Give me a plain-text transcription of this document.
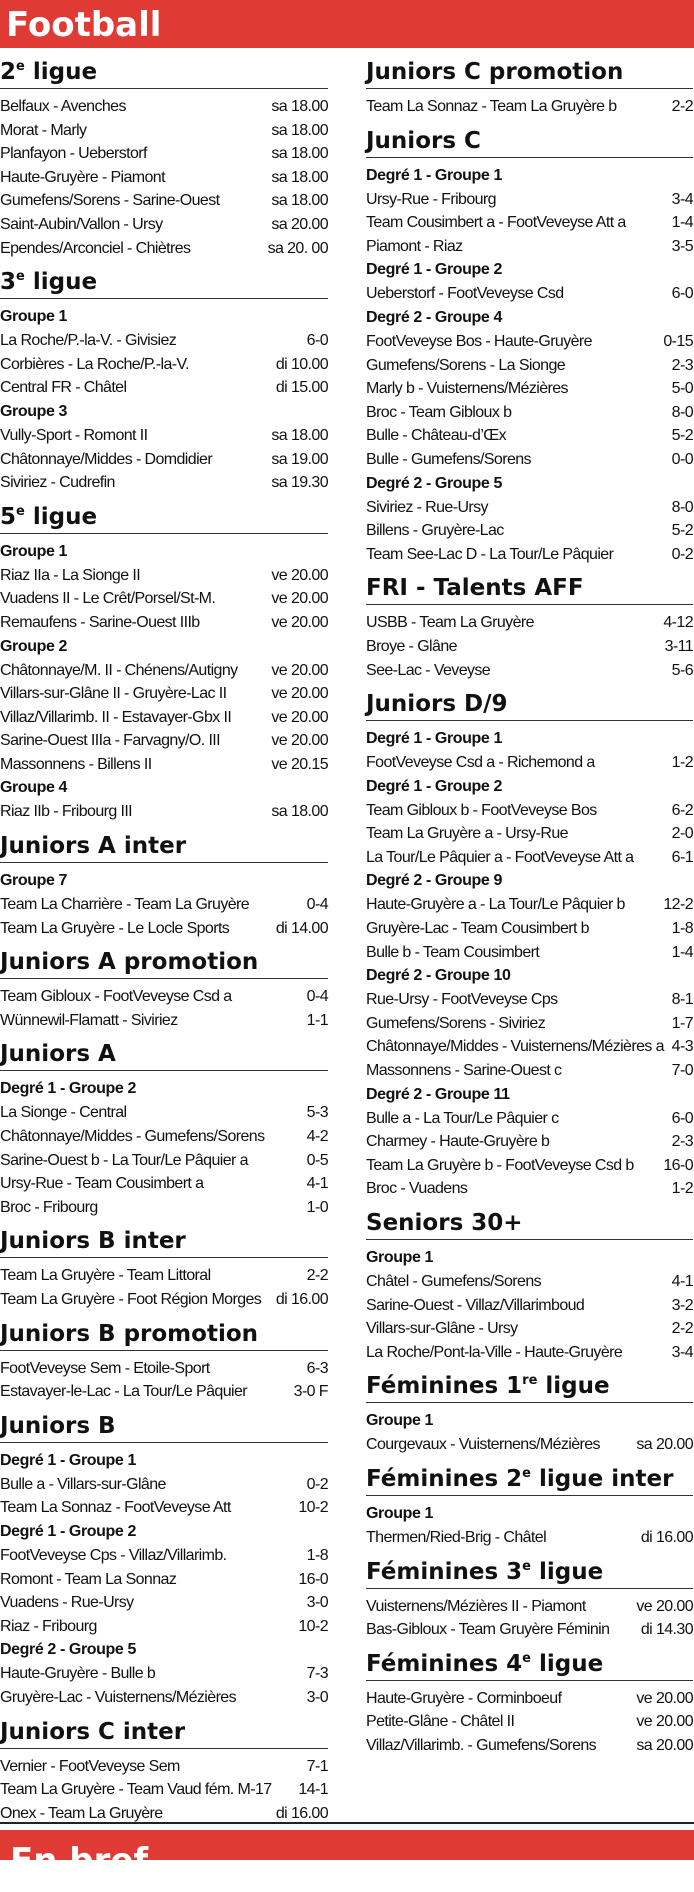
Football
2e ligue
Belfaux - Avenches	sa 18.00
Morat - Marly	sa 18.00
Planfayon - Ueberstorf	sa 18.00
Haute-Gruyère - Piamont	sa 18.00
Gumefens/Sorens - Sarine-Ouest	sa 18.00
Saint-Aubin/Vallon - Ursy	sa 20.00
Ependes/Arconciel - Chiètres	sa 20. 00
3e ligue
Groupe 1
La Roche/P.-la-V. - Givisiez	6-0
Corbières - La Roche/P.-la-V.	di 10.00
Central FR - Châtel	di 15.00
Groupe 3
Vully-Sport - Romont II	sa 18.00
Châtonnaye/Middes - Domdidier	sa 19.00
Siviriez - Cudrefin	sa 19.30
5e ligue
Groupe 1
Riaz IIa - La Sionge II	ve 20.00
Vuadens II - Le Crêt/Porsel/St-M.	ve 20.00
Remaufens - Sarine-Ouest IIIb	ve 20.00
Groupe 2
Châtonnaye/M. II - Chénens/Autigny	ve 20.00
Villars-sur-Glâne II - Gruyère-Lac II	ve 20.00
Villaz/Villarimb. II - Estavayer-Gbx II	ve 20.00
Sarine-Ouest IIIa - Farvagny/O. III	ve 20.00
Massonnens - Billens II	ve 20.15
Groupe 4
Riaz IIb - Fribourg III	sa 18.00
Juniors A inter
Groupe 7
Team La Charrière - Team La Gruyère	0-4
Team La Gruyère - Le Locle Sports	di 14.00
Juniors A promotion
Team Gibloux - FootVeveyse Csd a	0-4
Wünnewil-Flamatt - Siviriez	1-1
Juniors A
Degré 1 - Groupe 2
La Sionge - Central	5-3
Châtonnaye/Middes - Gumefens/Sorens	4-2
Sarine-Ouest b - La Tour/Le Pâquier a	0-5
Ursy-Rue - Team Cousimbert a	4-1
Broc - Fribourg	1-0
Juniors B inter
Team La Gruyère - Team Littoral	2-2
Team La Gruyère - Foot Région Morges di 16.00
Juniors B promotion
FootVeveyse Sem - Etoile-Sport	6-3
Estavayer-le-Lac - La Tour/Le Pâquier	3-0 F
Juniors B
Degré 1 - Groupe 1
Bulle a - Villars-sur-Glâne	0-2
Team La Sonnaz - FootVeveyse Att	10-2
Degré 1 - Groupe 2
FootVeveyse Cps - Villaz/Villarimb.	1-8
Romont - Team La Sonnaz	16-0
Vuadens - Rue-Ursy	3-0
Riaz - Fribourg	10-2
Degré 2 - Groupe 5
Haute-Gruyère - Bulle b	7-3
Gruyère-Lac - Vuisternens/Mézières	3-0
Juniors C inter
Vernier - FootVeveyse Sem	7-1
Team La Gruyère - Team Vaud fém. M-17	14-1
Onex - Team La Gruyère	di 16.00
Juniors C promotion
Team La Sonnaz - Team La Gruyère b	2-2
Juniors C
Degré 1 - Groupe 1
Ursy-Rue - Fribourg	3-4
Team Cousimbert a - FootVeveyse Att a	1-4
Piamont - Riaz	3-5
Degré 1 - Groupe 2
Ueberstorf - FootVeveyse Csd	6-0
Degré 2 - Groupe 4
FootVeveyse Bos - Haute-Gruyère	0-15
Gumefens/Sorens - La Sionge	2-3
Marly b - Vuisternens/Mézières	5-0
Broc - Team Gibloux b	8-0
Bulle - Château-d’Œx	5-2
Bulle - Gumefens/Sorens	0-0
Degré 2 - Groupe 5
Siviriez - Rue-Ursy	8-0
Billens - Gruyère-Lac	5-2
Team See-Lac D - La Tour/Le Pâquier	0-2
FRI - Talents AFF
USBB - Team La Gruyère	4-12
Broye - Glâne	3-11
See-Lac - Veveyse	5-6
Juniors D/9
Degré 1 - Groupe 1
FootVeveyse Csd a - Richemond a	1-2
Degré 1 - Groupe 2
Team Gibloux b - FootVeveyse Bos	6-2
Team La Gruyère a - Ursy-Rue	2-0
La Tour/Le Pâquier a - FootVeveyse Att a	6-1
Degré 2 - Groupe 9
Haute-Gruyère a - La Tour/Le Pâquier b	12-2
Gruyère-Lac - Team Cousimbert b	1-8
Bulle b - Team Cousimbert	1-4
Degré 2 - Groupe 10
Rue-Ursy - FootVeveyse Cps	8-1
Gumefens/Sorens - Siviriez	1-7
Châtonnaye/Middes - Vuisternens/Mézières a 4-3
Massonnens - Sarine-Ouest c	7-0
Degré 2 - Groupe 11
Bulle a - La Tour/Le Pâquier c	6-0
Charmey - Haute-Gruyère b	2-3
Team La Gruyère b - FootVeveyse Csd b	16-0
Broc - Vuadens	1-2
Seniors 30+
Groupe 1
Châtel - Gumefens/Sorens	4-1
Sarine-Ouest - Villaz/Villarimboud	3-2
Villars-sur-Glâne - Ursy	2-2
La Roche/Pont-la-Ville - Haute-Gruyère	3-4
Féminines 1re ligue
Groupe 1
Courgevaux - Vuisternens/Mézières	sa 20.00
Féminines 2e ligue inter
Groupe 1
Thermen/Ried-Brig - Châtel	di 16.00
Féminines 3e ligue
Vuisternens/Mézières II - Piamont	ve 20.00
Bas-Gibloux - Team Gruyère Féminin	di 14.30
Féminines 4e ligue
Haute-Gruyère - Corminboeuf	ve 20.00
Petite-Glâne - Châtel II	ve 20.00
Villaz/Villarimb. - Gumefens/Sorens	sa 20.00
En bref
